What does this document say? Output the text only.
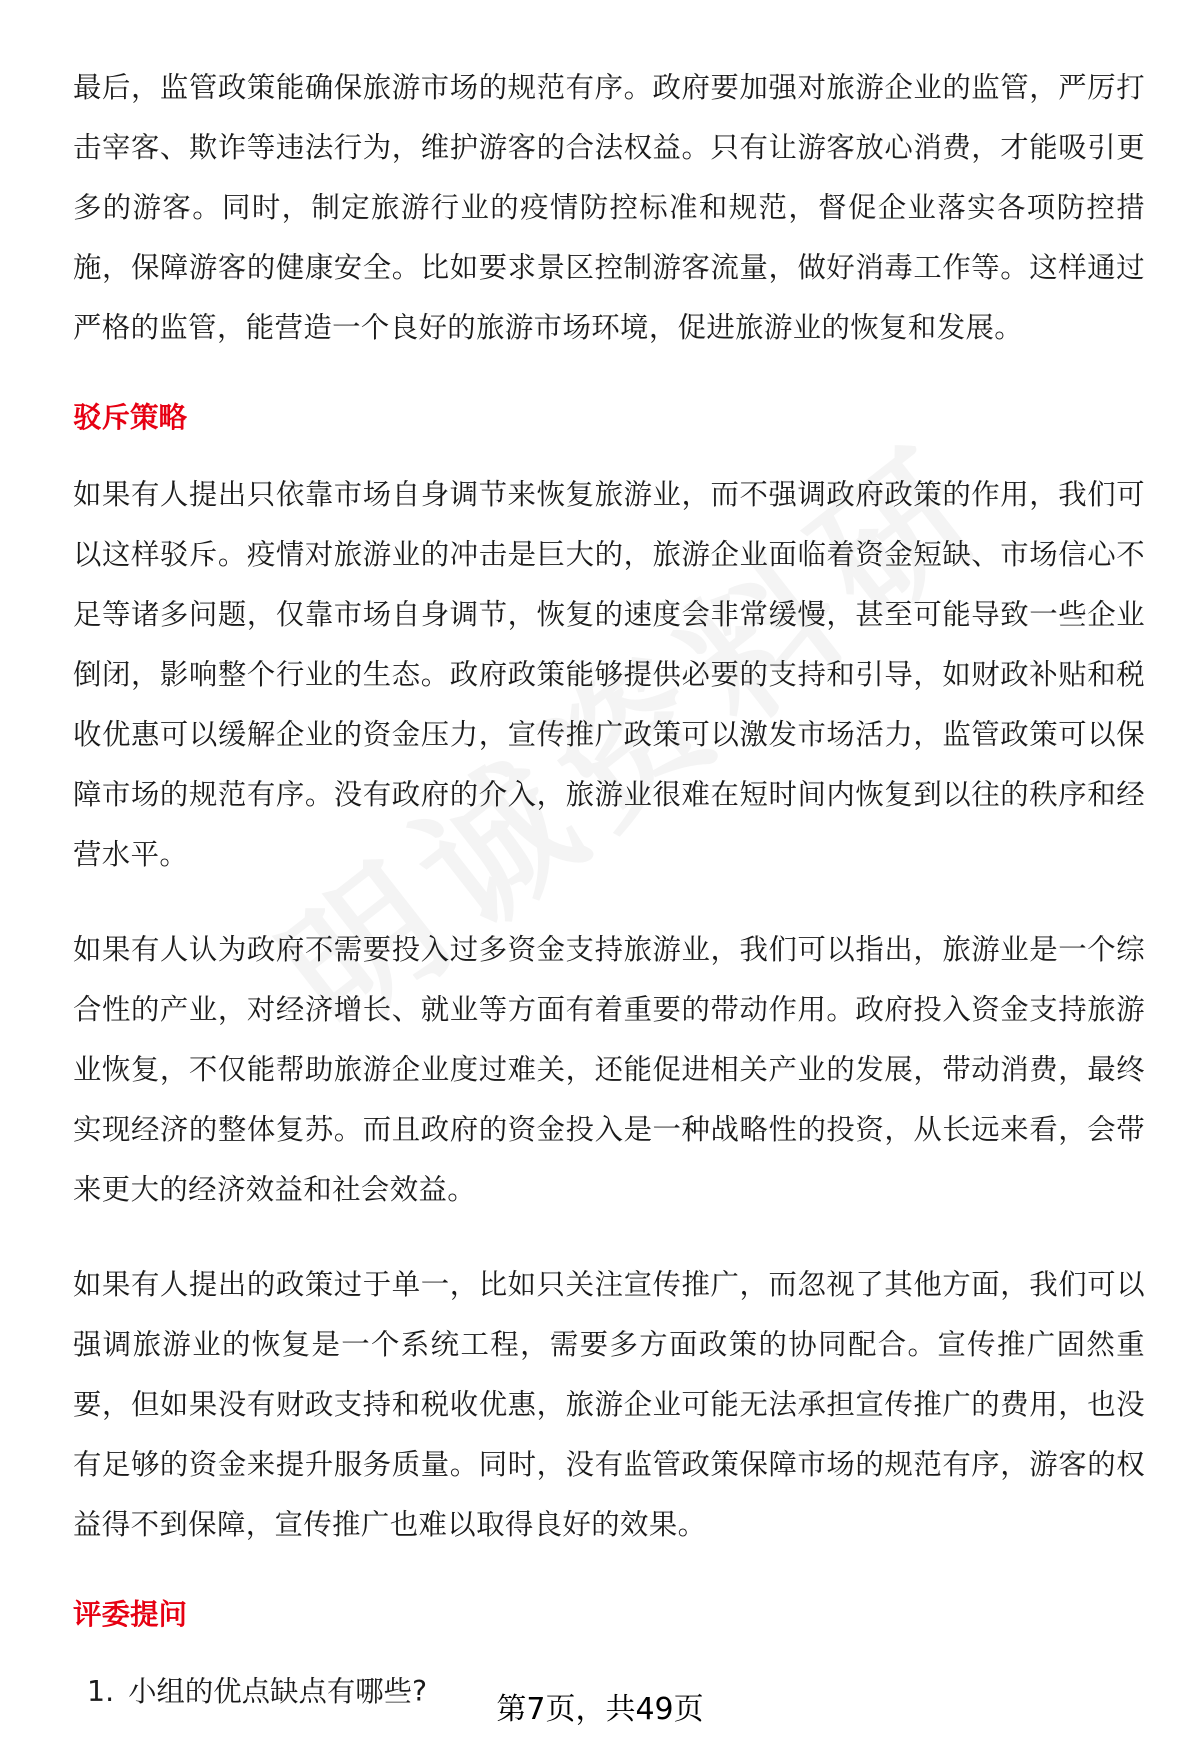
最后，监管政策能确保旅游市场的规范有序。政府要加强对旅游企业的监管，严厉打击宰客、欺诈等违法行为，维护游客的合法权益。只有让游客放心消费，才能吸引更多的游客。同时，制定旅游行业的疫情防控标准和规范，督促企业落实各项防控措施，保障游客的健康安全。比如要求景区控制游客流量，做好消毒工作等。这样通过严格的监管，能营造一个良好的旅游市场环境，促进旅游业的恢复和发展。

驳斥策略

如果有人提出只依靠市场自身调节来恢复旅游业，而不强调政府政策的作用，我们可以这样驳斥。疫情对旅游业的冲击是巨大的，旅游企业面临着资金短缺、市场信心不足等诸多问题，仅靠市场自身调节，恢复的速度会非常缓慢，甚至可能导致一些企业倒闭，影响整个行业的生态。政府政策能够提供必要的支持和引导，如财政补贴和税收优惠可以缓解企业的资金压力，宣传推广政策可以激发市场活力，监管政策可以保障市场的规范有序。没有政府的介入，旅游业很难在短时间内恢复到以往的秩序和经营水平。

如果有人认为政府不需要投入过多资金支持旅游业，我们可以指出，旅游业是一个综合性的产业，对经济增长、就业等方面有着重要的带动作用。政府投入资金支持旅游业恢复，不仅能帮助旅游企业度过难关，还能促进相关产业的发展，带动消费，最终实现经济的整体复苏。而且政府的资金投入是一种战略性的投资，从长远来看，会带来更大的经济效益和社会效益。

如果有人提出的政策过于单一，比如只关注宣传推广，而忽视了其他方面，我们可以强调旅游业的恢复是一个系统工程，需要多方面政策的协同配合。宣传推广固然重要，但如果没有财政支持和税收优惠，旅游企业可能无法承担宣传推广的费用，也没有足够的资金来提升服务质量。同时，没有监管政策保障市场的规范有序，游客的权益得不到保障，宣传推广也难以取得良好的效果。

评委提问
1. 小组的优点缺点有哪些?
第7页，共49页
